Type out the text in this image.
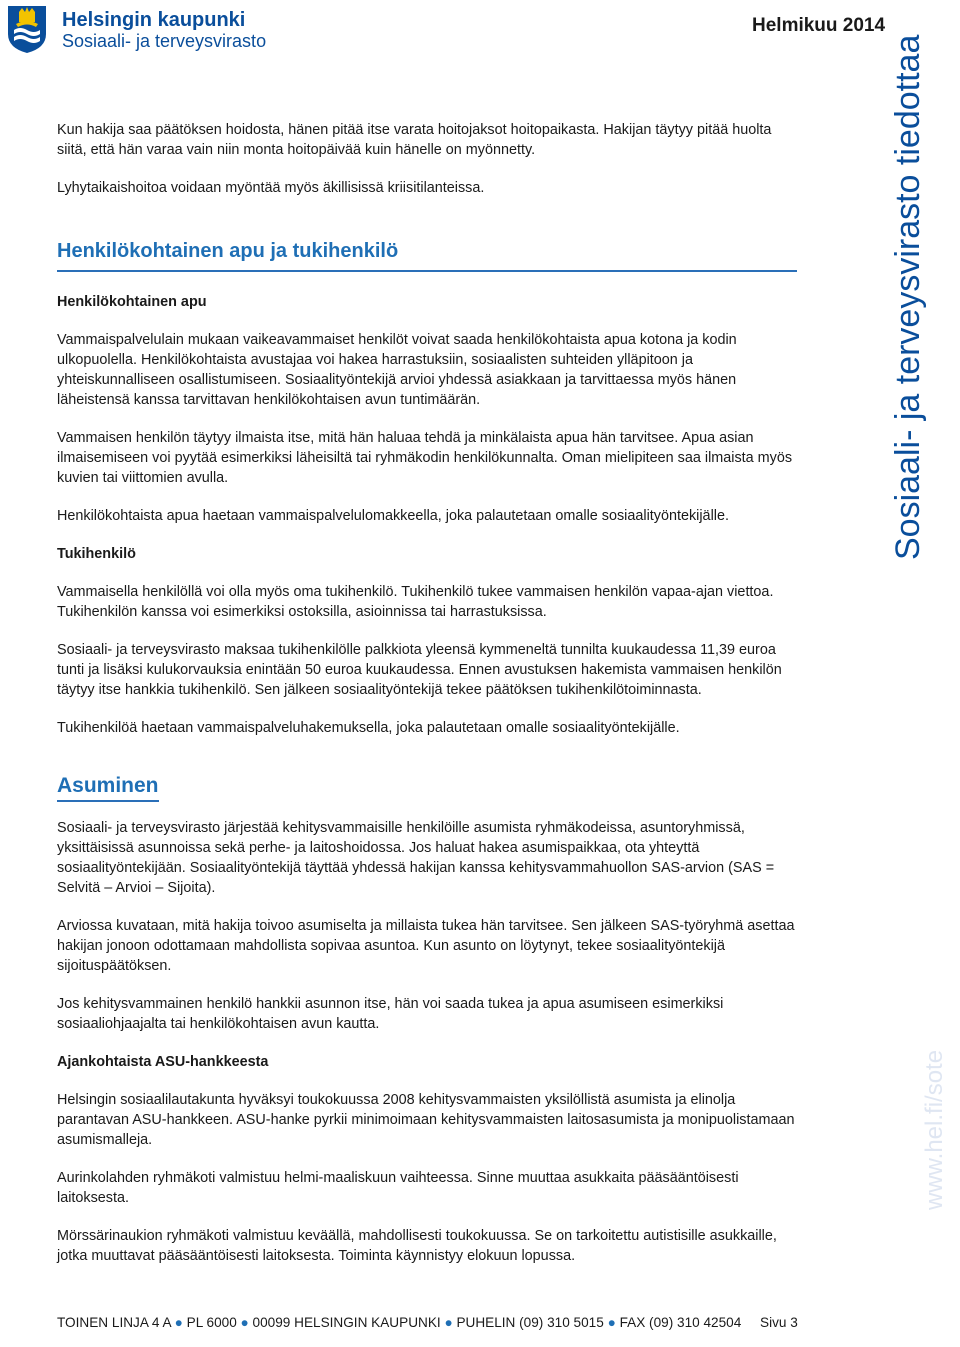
Helsingin kaupunki
Sosiaali- ja terveysvirasto
Helmikuu 2014
Sosiaali- ja terveysvirasto tiedottaa
www.hel.fi/sote

Kun hakija saa päätöksen hoidosta, hänen pitää itse varata hoitojaksot hoitopaikasta. Hakijan täytyy pitää huolta siitä, että hän varaa vain niin monta hoitopäivää kuin hänelle on myönnetty.

Lyhytaikaishoitoa voidaan myöntää myös äkillisissä kriisitilanteissa.

Henkilökohtainen apu ja tukihenkilö

Henkilökohtainen apu

Vammaispalvelulain mukaan vaikeavammaiset henkilöt voivat saada henkilökohtaista apua kotona ja kodin ulkopuolella. Henkilökohtaista avustajaa voi hakea harrastuksiin, sosiaalisten suhteiden ylläpitoon ja yhteiskunnalliseen osallistumiseen. Sosiaalityöntekijä arvioi yhdessä asiakkaan ja tarvittaessa myös hänen läheistensä kanssa tarvittavan henkilökohtaisen avun tuntimäärän.

Vammaisen henkilön täytyy ilmaista itse, mitä hän haluaa tehdä ja minkälaista apua hän tarvitsee. Apua asian ilmaisemiseen voi pyytää esimerkiksi läheisiltä tai ryhmäkodin henkilökunnalta. Oman mielipiteen saa ilmaista myös kuvien tai viittomien avulla.

Henkilökohtaista apua haetaan vammaispalvelulomakkeella, joka palautetaan omalle sosiaalityöntekijälle.

Tukihenkilö

Vammaisella henkilöllä voi olla myös oma tukihenkilö. Tukihenkilö tukee vammaisen henkilön vapaa-ajan viettoa. Tukihenkilön kanssa voi esimerkiksi ostoksilla, asioinnissa tai harrastuksissa.

Sosiaali- ja terveysvirasto maksaa tukihenkilölle palkkiota yleensä kymmeneltä tunnilta kuukaudessa 11,39 euroa tunti ja lisäksi kulukorvauksia enintään 50 euroa kuukaudessa. Ennen avustuksen hakemista vammaisen henkilön täytyy itse hankkia tukihenkilö. Sen jälkeen sosiaalityöntekijä tekee päätöksen tukihenkilötoiminnasta.

Tukihenkilöä haetaan vammaispalveluhakemuksella, joka palautetaan omalle sosiaalityöntekijälle.

Asuminen

Sosiaali- ja terveysvirasto järjestää kehitysvammaisille henkilöille asumista ryhmäkodeissa, asuntoryhmissä, yksittäisissä asunnoissa sekä perhe- ja laitoshoidossa. Jos haluat hakea asumispaikkaa, ota yhteyttä sosiaalityöntekijään. Sosiaalityöntekijä täyttää yhdessä hakijan kanssa kehitysvammahuollon SAS-arvion (SAS = Selvitä – Arvioi – Sijoita).

Arviossa kuvataan, mitä hakija toivoo asumiselta ja millaista tukea hän tarvitsee. Sen jälkeen SAS-työryhmä asettaa hakijan jonoon odottamaan mahdollista sopivaa asuntoa. Kun asunto on löytynyt, tekee sosiaalityöntekijä sijoituspäätöksen.

Jos kehitysvammainen henkilö hankkii asunnon itse, hän voi saada tukea ja apua asumiseen esimerkiksi sosiaaliohjaajalta tai henkilökohtaisen avun kautta.

Ajankohtaista ASU-hankkeesta

Helsingin sosiaalilautakunta hyväksyi toukokuussa 2008 kehitysvammaisten yksilöllistä asumista ja elinolja parantavan ASU-hankkeen. ASU-hanke pyrkii minimoimaan kehitysvammaisten laitosasumista ja monipuolistamaan asumismalleja.

Aurinkolahden ryhmäkoti valmistuu helmi-maaliskuun vaihteessa. Sinne muuttaa asukkaita pääsääntöisesti laitoksesta.

Mörssärinaukion ryhmäkoti valmistuu keväällä, mahdollisesti toukokuussa. Se on tarkoitettu autistisille asukkaille, jotka muuttavat pääsääntöisesti laitoksesta. Toiminta käynnistyy elokuun lopussa.

TOINEN LINJA 4 A ● PL 6000 ● 00099 HELSINGIN KAUPUNKI ● PUHELIN (09) 310 5015 ● FAX (09) 310 42504 Sivu 3
